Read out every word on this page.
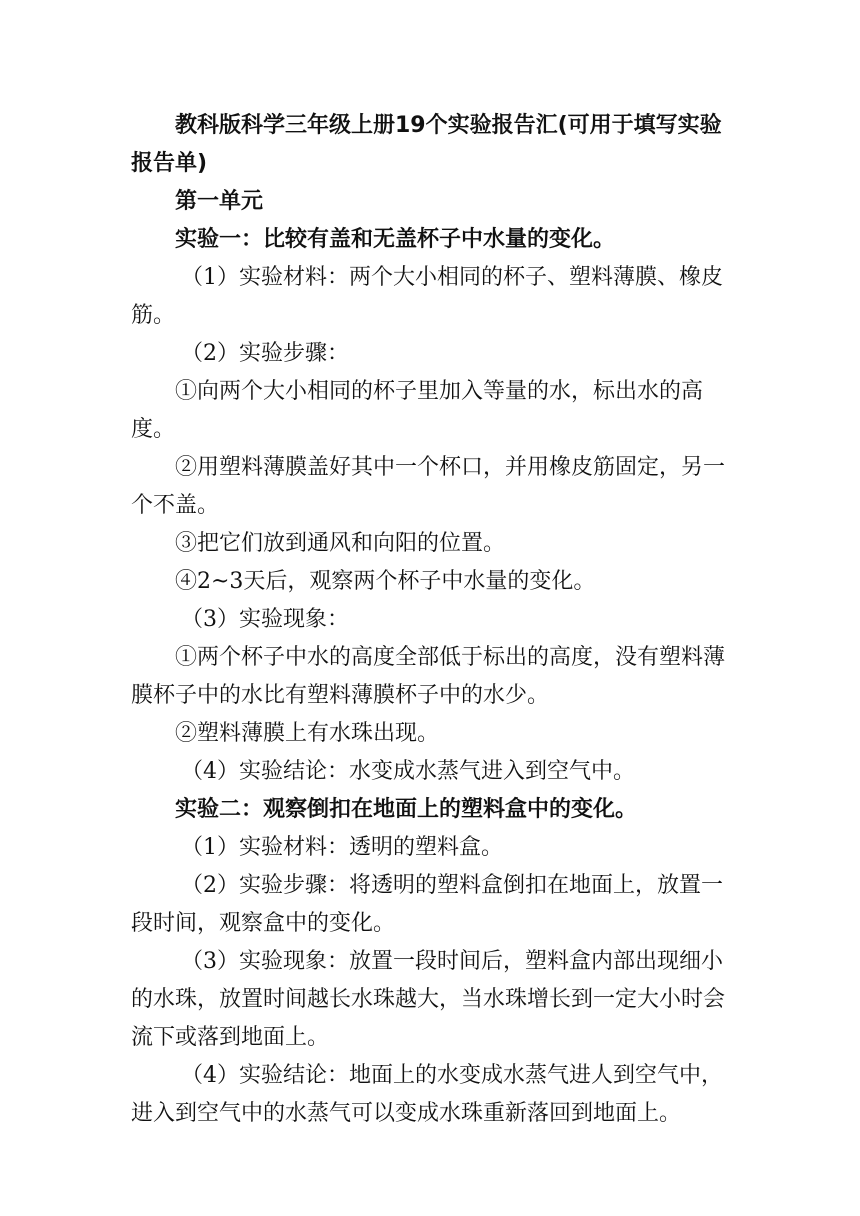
教科版科学三年级上册19个实验报告汇(可用于填写实验报告单)

第一单元

实验一：比较有盖和无盖杯子中水量的变化。

（1）实验材料：两个大小相同的杯子、塑料薄膜、橡皮筋。

（2）实验步骤：

①向两个大小相同的杯子里加入等量的水，标出水的高度。

②用塑料薄膜盖好其中一个杯口，并用橡皮筋固定，另一个不盖。

③把它们放到通风和向阳的位置。

④2~3天后，观察两个杯子中水量的变化。

（3）实验现象：

①两个杯子中水的高度全部低于标出的高度，没有塑料薄膜杯子中的水比有塑料薄膜杯子中的水少。

②塑料薄膜上有水珠出现。

（4）实验结论：水变成水蒸气进入到空气中。

实验二：观察倒扣在地面上的塑料盒中的变化。

（1）实验材料：透明的塑料盒。

（2）实验步骤：将透明的塑料盒倒扣在地面上，放置一段时间，观察盒中的变化。

（3）实验现象：放置一段时间后，塑料盒内部出现细小的水珠，放置时间越长水珠越大，当水珠增长到一定大小时会流下或落到地面上。

（4）实验结论：地面上的水变成水蒸气进人到空气中，进入到空气中的水蒸气可以变成水珠重新落回到地面上。
